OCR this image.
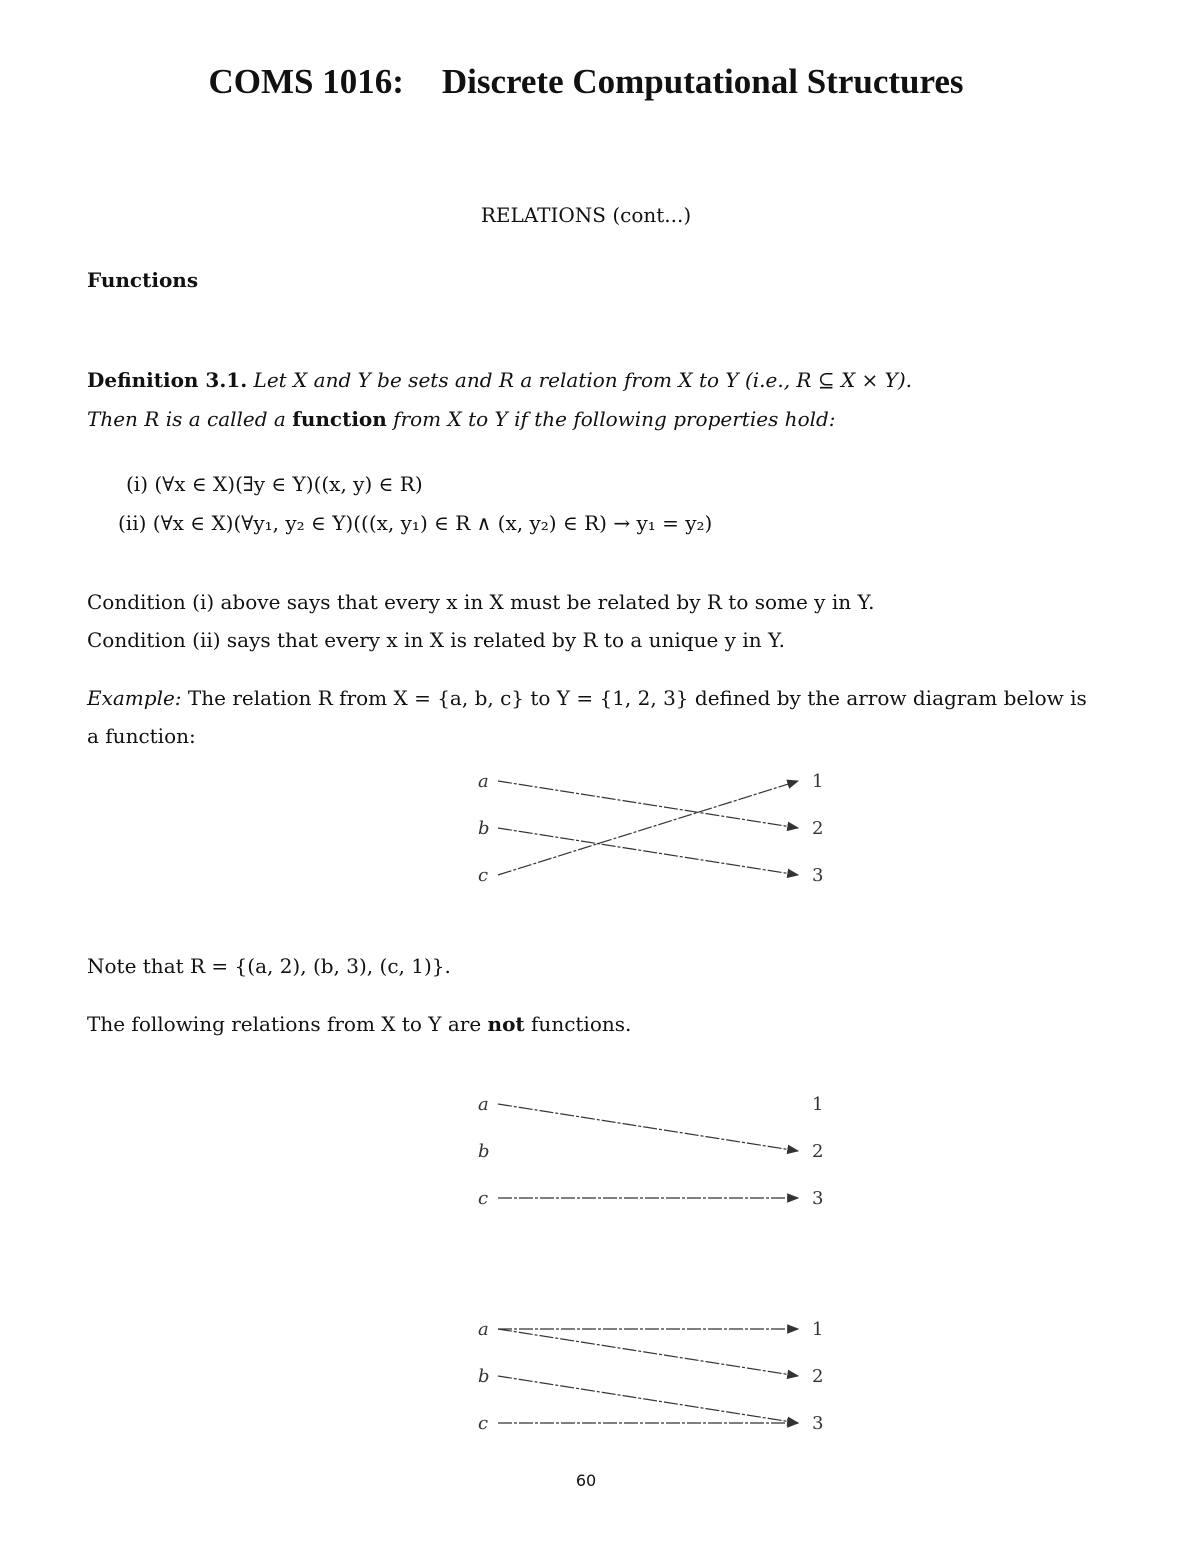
COMS 1016: Discrete Computational Structures
RELATIONS (cont...)
Functions
Definition 3.1. Let X and Y be sets and R a relation from X to Y (i.e., R ⊆ X × Y).
Then R is a called a function from X to Y if the following properties hold:
(i) (∀x ∈ X)(∃y ∈ Y)((x, y) ∈ R)
(ii) (∀x ∈ X)(∀y₁, y₂ ∈ Y)(((x, y₁) ∈ R ∧ (x, y₂) ∈ R) → y₁ = y₂)
Condition (i) above says that every x in X must be related by R to some y in Y.
Condition (ii) says that every x in X is related by R to a unique y in Y.
Example: The relation R from X = {a, b, c} to Y = {1, 2, 3} defined by the arrow diagram below is
a function:
a
b
c
1
2
3
Note that R = {(a, 2), (b, 3), (c, 1)}.
The following relations from X to Y are not functions.
a
b
c
1
2
3
a
b
c
1
2
3
60
